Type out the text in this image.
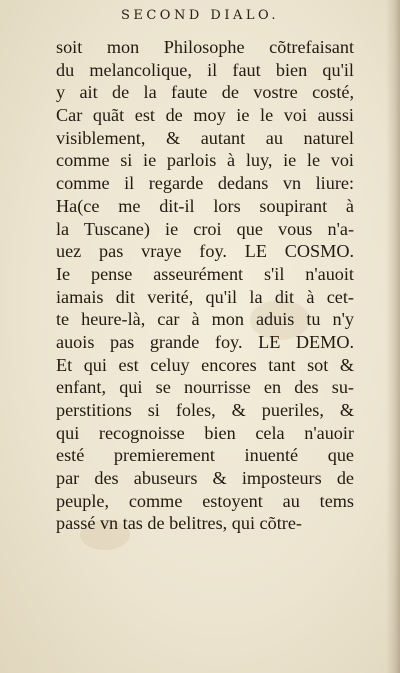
SECOND DIALO.
soit mon Philosophe cõtrefaisant
du melancolique, il faut bien qu'il
y ait de la faute de vostre costé,
Car quãt est de moy ie le voi aussi
visiblement, & autant au naturel
comme si ie parlois à luy, ie le voi
comme il regarde dedans vn liure:
Ha(ce me dit-il lors soupirant à
la Tuscane) ie croi que vous n'a-
uez pas vraye foy. LE COSMO.
Ie pense asseurément s'il n'auoit
iamais dit verité, qu'il la dit à cet-
te heure-là, car à mon aduis tu n'y
auois pas grande foy. LE DEMO.
Et qui est celuy encores tant sot &
enfant, qui se nourrisse en des su-
perstitions si foles, & pueriles, &
qui recognoisse bien cela n'auoir
esté premierement inuenté que
par des abuseurs & imposteurs de
peuple, comme estoyent au tems
passé vn tas de belitres, qui cõtre-
